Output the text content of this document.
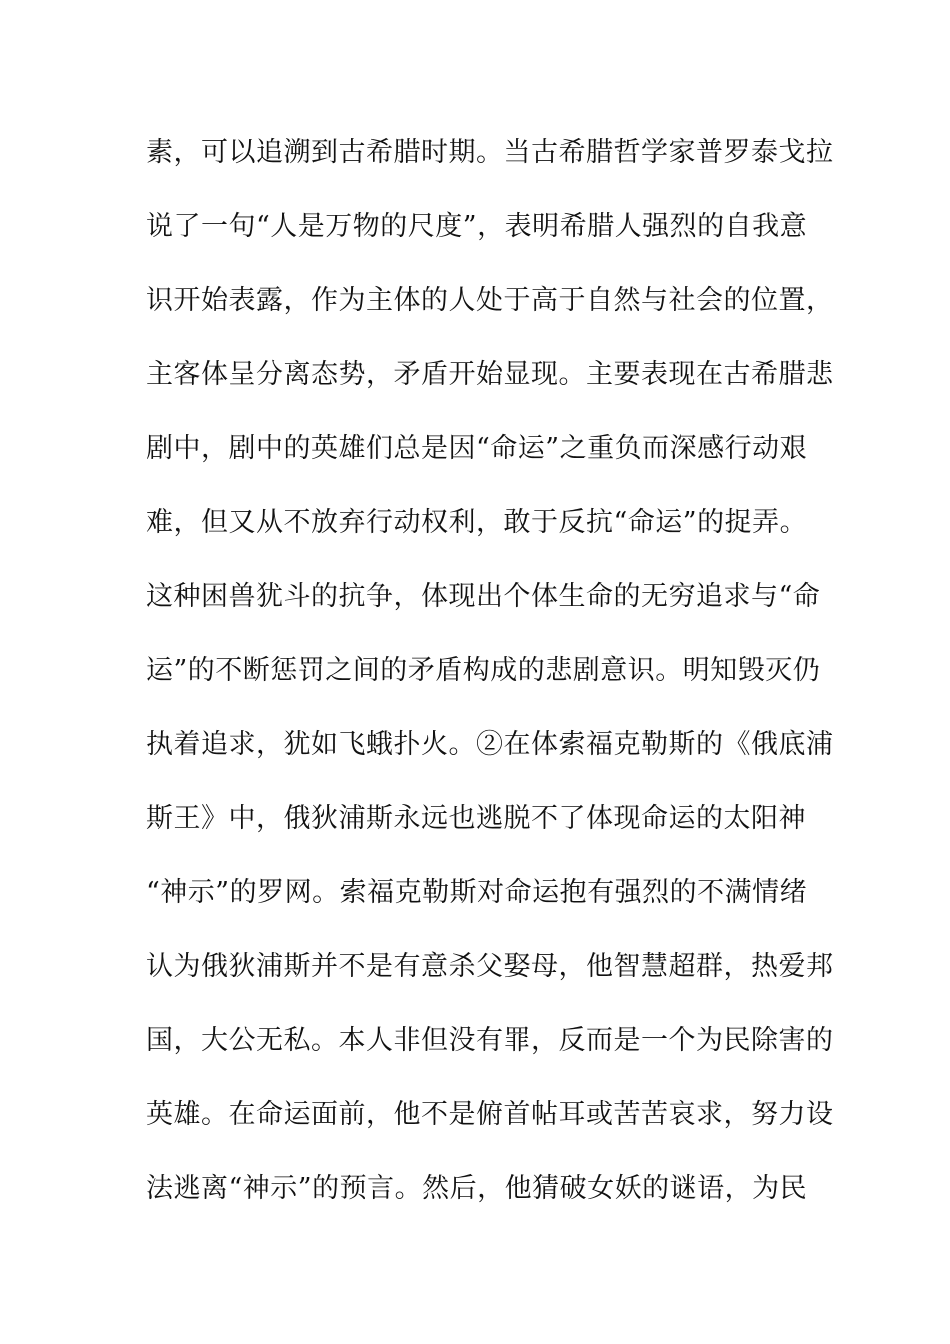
素，可以追溯到古希腊时期。当古希腊哲学家普罗泰戈拉
说了一句“人是万物的尺度”，表明希腊人强烈的自我意
识开始表露，作为主体的人处于高于自然与社会的位置，
主客体呈分离态势，矛盾开始显现。主要表现在古希腊悲
剧中，剧中的英雄们总是因“命运”之重负而深感行动艰
难，但又从不放弃行动权利，敢于反抗“命运”的捉弄。
这种困兽犹斗的抗争，体现出个体生命的无穷追求与“命
运”的不断惩罚之间的矛盾构成的悲剧意识。明知毁灭仍
执着追求，犹如飞蛾扑火。②在体索福克勒斯的《俄底浦
斯王》中，俄狄浦斯永远也逃脱不了体现命运的太阳神
“神示”的罗网。索福克勒斯对命运抱有强烈的不满情绪
认为俄狄浦斯并不是有意杀父娶母，他智慧超群，热爱邦
国，大公无私。本人非但没有罪，反而是一个为民除害的
英雄。在命运面前，他不是俯首帖耳或苦苦哀求，努力设
法逃离“神示”的预言。然后，他猜破女妖的谜语，为民
